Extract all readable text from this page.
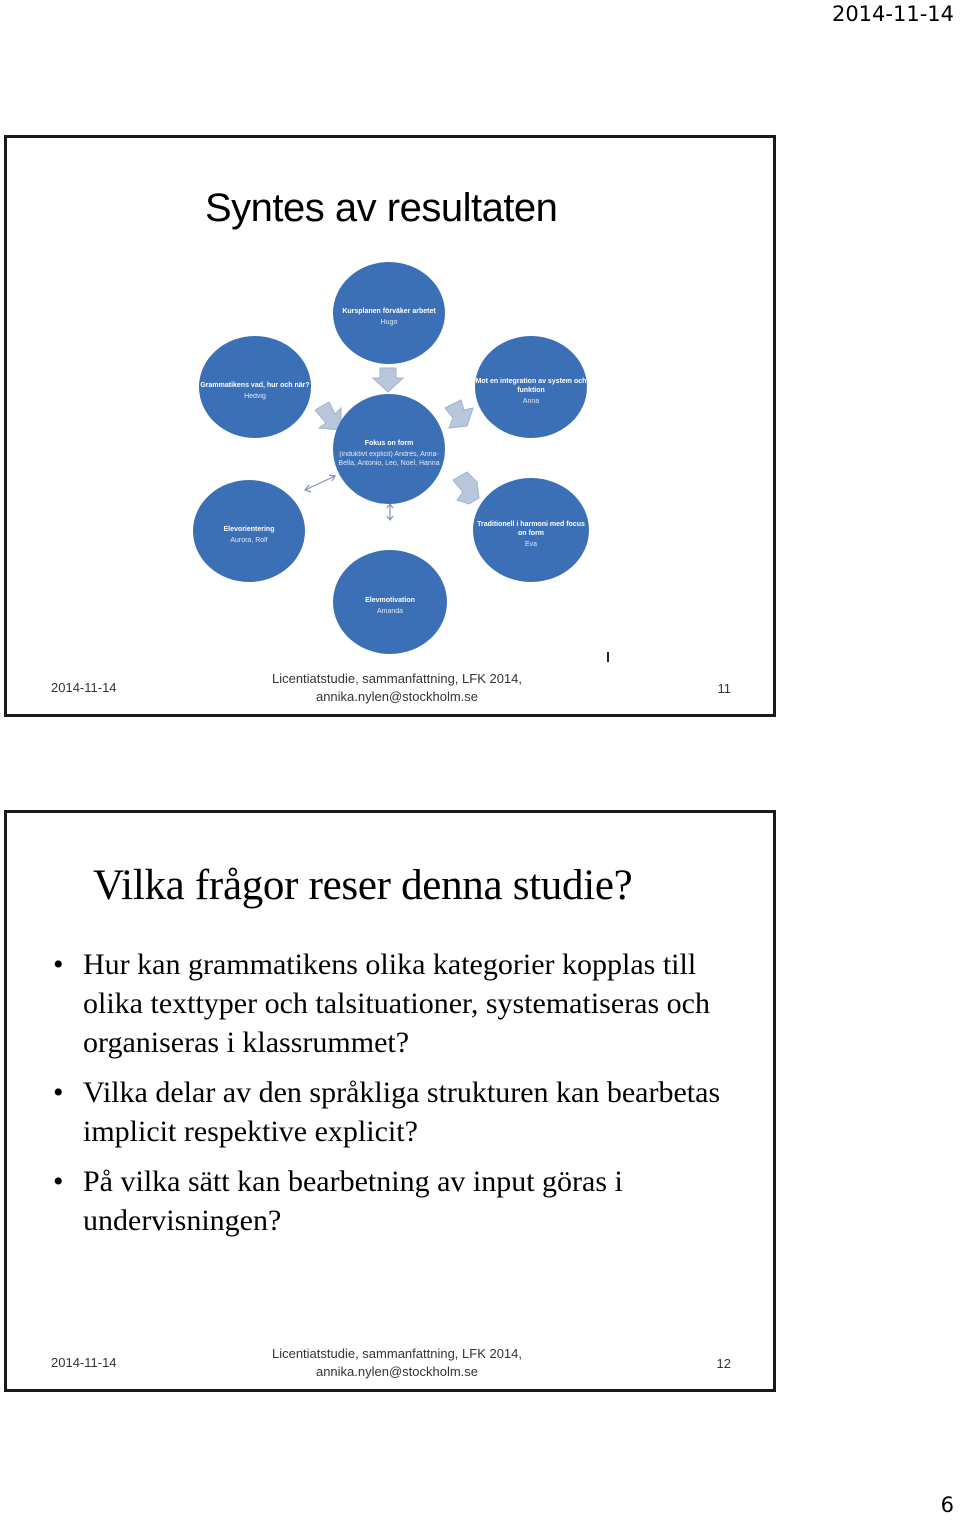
2014-11-14
Syntes av resultaten
Kursplanen förväker arbetet
Hugo
Grammatikens vad, hur och när?
Hedvig
Mot en integration av system och funktion
Anna
Fokus on form
(induktivt explicit) Andrés, Anna-Bella, Antonio, Leo, Noel, Hanna
Elevorientering
Aurora, Rolf
Traditionell i harmoni med focus on form
Eva
Elevmotivation
Amanda
2014-11-14
Licentiatstudie, sammanfattning, LFK 2014,
annika.nylen@stockholm.se
11
Vilka frågor reser denna studie?
• Hur kan grammatikens olika kategorier kopplas till olika texttyper och talsituationer, systematiseras och organiseras i klassrummet?
• Vilka delar av den språkliga strukturen kan bearbetas implicit respektive explicit?
• På vilka sätt kan bearbetning av input göras i undervisningen?
2014-11-14
Licentiatstudie, sammanfattning, LFK 2014,
annika.nylen@stockholm.se
12
6
